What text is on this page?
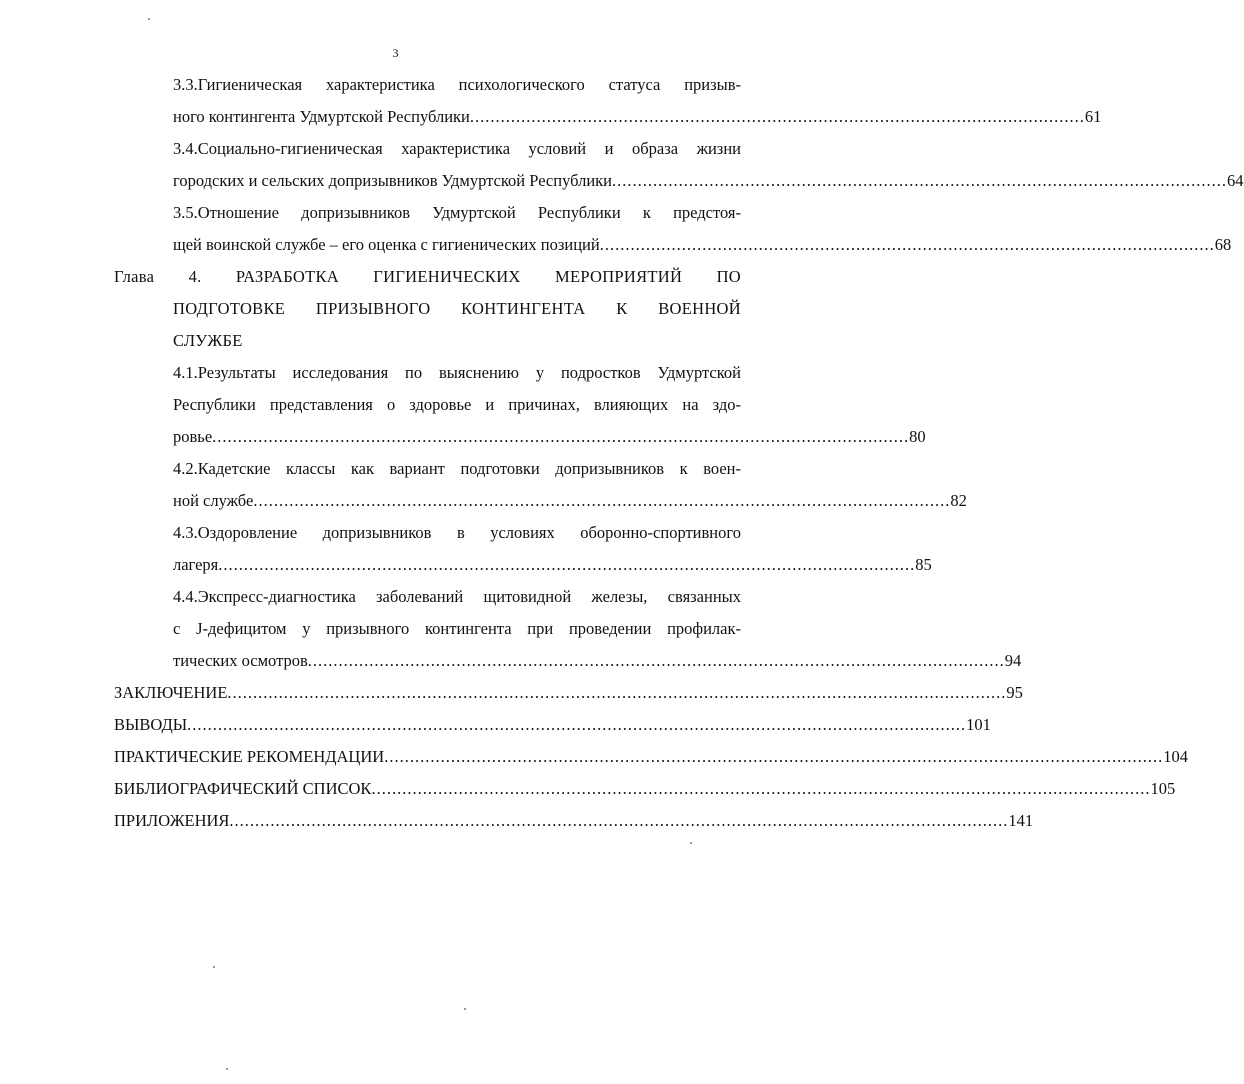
3
3.3.Гигиеническая характеристика психологического статуса призыв-
ного контингента Удмуртской Республики ........................................................................................................................ 61
3.4.Социально-гигиеническая характеристика условий и образа жизни
городских и сельских допризывников Удмуртской Республики ........................................................................................................................ 64
3.5.Отношение допризывников Удмуртской Республики к предстоя-
щей воинской службе – его оценка с гигиенических позиций ........................................................................................................................ 68
Глава 4. РАЗРАБОТКА ГИГИЕНИЧЕСКИХ МЕРОПРИЯТИЙ ПО
ПОДГОТОВКЕ ПРИЗЫВНОГО КОНТИНГЕНТА К ВОЕННОЙ
СЛУЖБЕ
4.1.Результаты исследования по выяснению у подростков Удмуртской
Республики представления о здоровье и причинах, влияющих на здо-
ровье ........................................................................................................................................ 80
4.2.Кадетские классы как вариант подготовки допризывников к воен-
ной службе ........................................................................................................................................ 82
4.3.Оздоровление допризывников в условиях оборонно-спортивного
лагеря ........................................................................................................................................ 85
4.4.Экспресс-диагностика заболеваний щитовидной железы, связанных
с J-дефицитом у призывного контингента при проведении профилак-
тических осмотров ........................................................................................................................................ 94
ЗАКЛЮЧЕНИЕ ........................................................................................................................................................ 95
ВЫВОДЫ ........................................................................................................................................................ 101
ПРАКТИЧЕСКИЕ РЕКОМЕНДАЦИИ ........................................................................................................................................................ 104
БИБЛИОГРАФИЧЕСКИЙ СПИСОК ........................................................................................................................................................ 105
ПРИЛОЖЕНИЯ ........................................................................................................................................................ 141
